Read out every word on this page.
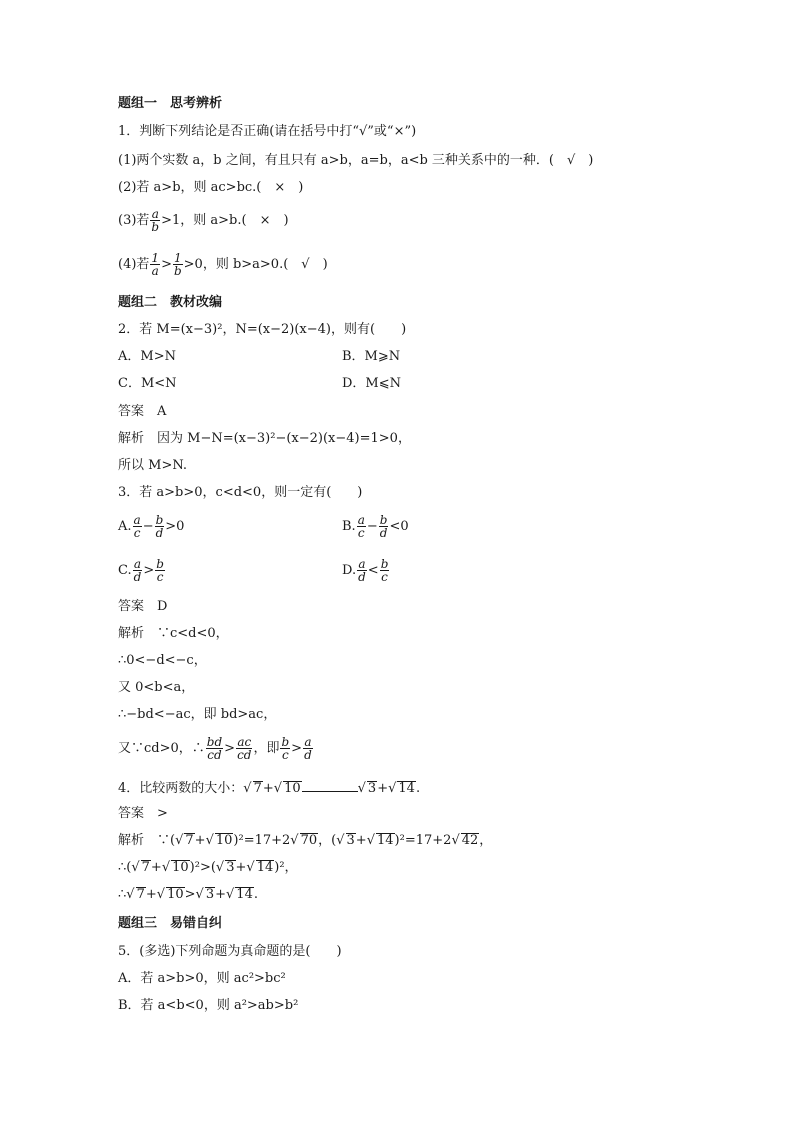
题组一　思考辨析
1．判断下列结论是否正确(请在括号中打“√”或“×”)
(1)两个实数 a，b 之间，有且只有 a>b，a=b，a<b 三种关系中的一种．(　√　)
(2)若 a>b，则 ac>bc.(　×　)
(3)若 $\frac{a}{b} >1$，则 a>b.(　×　)
(4)若 $\frac{1}{a} > \frac{1}{b} >0$，则 b>a>0.(　√　)
题组二　教材改编
2．若 M=(x−3)²，N=(x−2)(x−4)，则有(　　)
A．M>N	B．M⩾N
C．M<N	D．M⩽N
答案　A
解析　因为 M−N=(x−3)²−(x−2)(x−4)=1>0，
所以 M>N.
3．若 a>b>0，c<d<0，则一定有(　　)
A. $\frac{a}{c} - \frac{b}{d} >0$	B. $\frac{a}{c} - \frac{b}{d} <0$
C. $\frac{a}{d} > \frac{b}{c}$	D. $\frac{a}{d} < \frac{b}{c}$
答案　D
解析　∵c<d<0，
∴0<−d<−c，
又 0<b<a，
∴−bd<−ac，即 bd>ac，
又∵cd>0，∴ $\frac{bd}{cd} > \frac{ac}{cd}$ ，即 $\frac{b}{c} > \frac{a}{d}$
4．比较两数的大小：√ 7+√ 10	√ 3+√ 14.
答案　>
解析　∵(√ 7+√ 10)²=17+2√ 70，(√ 3+√ 14)²=17+2√ 42，
∴(√ 7+√ 10)²>(√ 3+√ 14)²，
∴√ 7+√ 10>√ 3+√ 14.
题组三　易错自纠
5．(多选)下列命题为真命题的是(　　)
A．若 a>b>0，则 ac²>bc²
B．若 a<b<0，则 a²>ab>b²
